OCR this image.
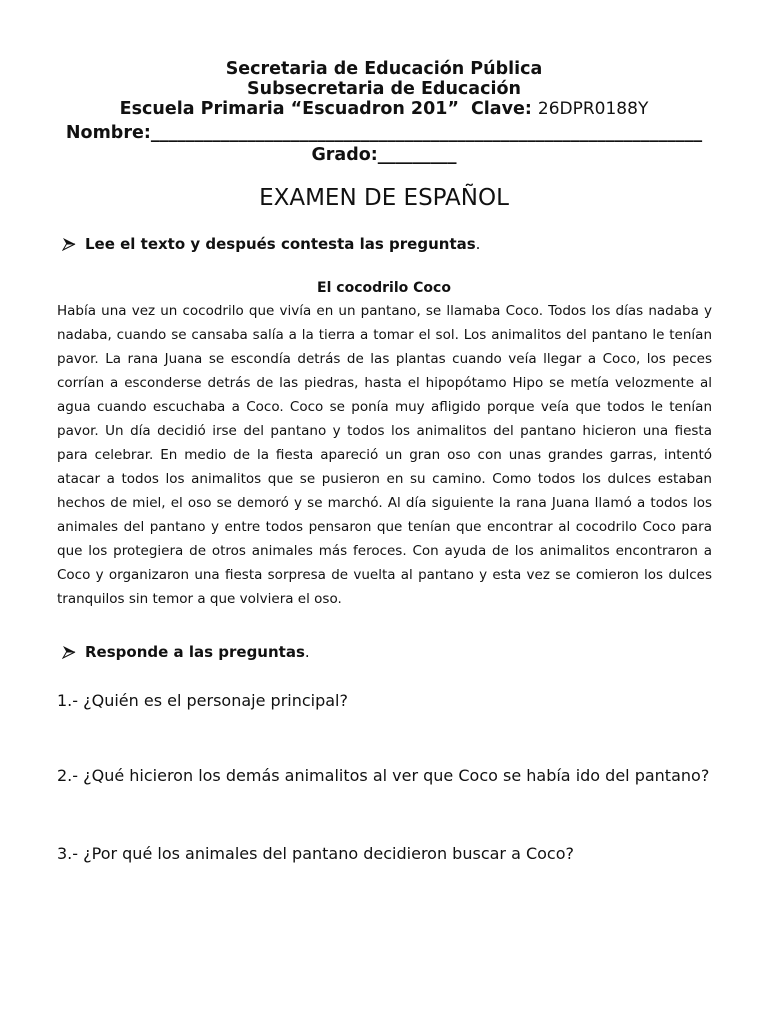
Secretaria de Educación Pública
Subsecretaria de Educación
Escuela Primaria “Escuadron 201” Clave: 26DPR0188Y
Nombre:_______________________________________________________________
Grado:_________
EXAMEN DE ESPAÑOL
Lee el texto y después contesta las preguntas .
El cocodrilo Coco
Había una vez un cocodrilo que vivía en un pantano, se llamaba Coco. Todos los días nadaba y
nadaba, cuando se cansaba salía a la tierra a tomar el sol. Los animalitos del pantano le tenían
pavor. La rana Juana se escondía detrás de las plantas cuando veía llegar a Coco, los peces
corrían a esconderse detrás de las piedras, hasta el hipopótamo Hipo se metía velozmente al
agua cuando escuchaba a Coco. Coco se ponía muy afligido porque veía que todos le tenían
pavor. Un día decidió irse del pantano y todos los animalitos del pantano hicieron una fiesta
para celebrar. En medio de la fiesta apareció un gran oso con unas grandes garras, intentó
atacar a todos los animalitos que se pusieron en su camino. Como todos los dulces estaban
hechos de miel, el oso se demoró y se marchó. Al día siguiente la rana Juana llamó a todos los
animales del pantano y entre todos pensaron que tenían que encontrar al cocodrilo Coco para
que los protegiera de otros animales más feroces. Con ayuda de los animalitos encontraron a
Coco y organizaron una fiesta sorpresa de vuelta al pantano y esta vez se comieron los dulces
tranquilos sin temor a que volviera el oso.
Responde a las preguntas .
1.- ¿Quién es el personaje principal?
2.- ¿Qué hicieron los demás animalitos al ver que Coco se había ido del pantano?
3.- ¿Por qué los animales del pantano decidieron buscar a Coco?
